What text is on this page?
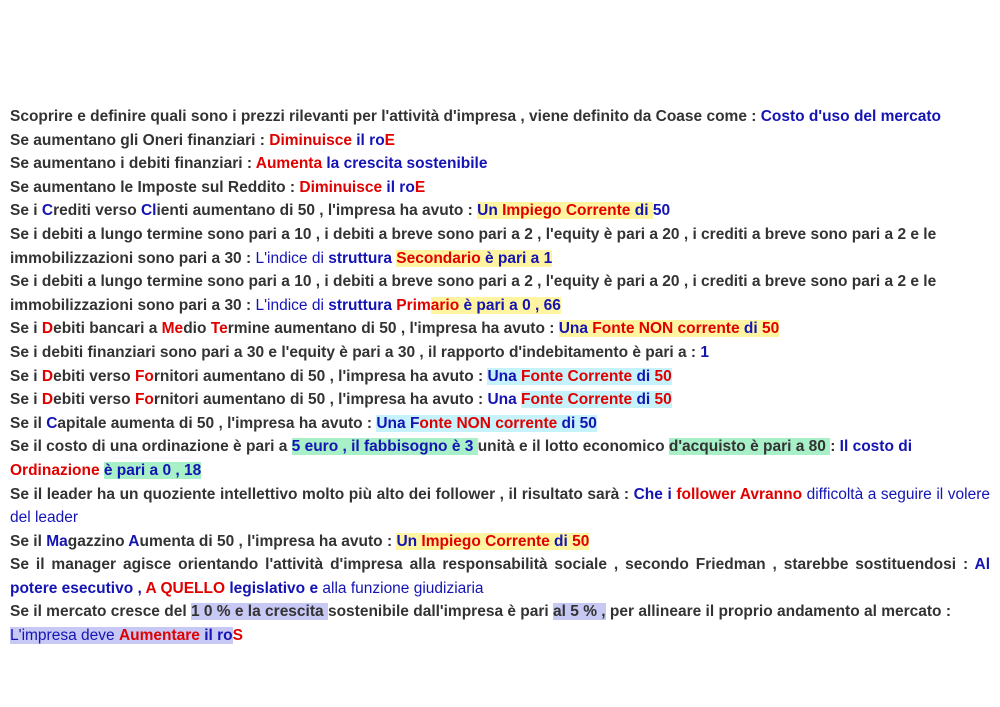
Scoprire e definire quali sono i prezzi rilevanti per l'attività d'impresa , viene definito da Coase come : Costo d'uso del mercato

Se aumentano gli Oneri finanziari : Diminuisce il roE

Se aumentano i debiti finanziari : Aumenta la crescita sostenibile

Se aumentano le Imposte sul Reddito : Diminuisce il roE

Se i Crediti verso Clienti aumentano di 50 , l'impresa ha avuto : Un Impiego Corrente di 50

Se i debiti a lungo termine sono pari a 10 , i debiti a breve sono pari a 2 , l'equity è pari a 20 , i crediti a breve sono pari a 2 e le immobilizzazioni sono pari a 30 : L'indice di struttura Secondario è pari a 1

Se i debiti a lungo termine sono pari a 10 , i debiti a breve sono pari a 2 , l'equity è pari a 20 , i crediti a breve sono pari a 2 e le immobilizzazioni sono pari a 30 : L'indice di struttura Primario è pari a 0 , 66

Se i Debiti bancari a Medio Termine aumentano di 50 , l'impresa ha avuto : Una Fonte NON corrente di 50

Se i debiti finanziari sono pari a 30 e l'equity è pari a 30 , il rapporto d'indebitamento è pari a : 1

Se i Debiti verso Fornitori aumentano di 50 , l'impresa ha avuto : Una Fonte Corrente di 50

Se i Debiti verso Fornitori aumentano di 50 , l'impresa ha avuto : Una Fonte Corrente di 50

Se il Capitale aumenta di 50 , l'impresa ha avuto : Una Fonte NON corrente di 50

Se il costo di una ordinazione è pari a 5 euro , il fabbisogno è 3 unità e il lotto economico d'acquisto è pari a 80 : Il costo di Ordinazione è pari a 0 , 18

Se il leader ha un quoziente intellettivo molto più alto dei follower , il risultato sarà : Che i follower Avranno difficoltà a seguire il volere del leader

Se il Magazzino Aumenta di 50 , l'impresa ha avuto : Un Impiego Corrente di 50

Se il manager agisce orientando l'attività d'impresa alla responsabilità sociale , secondo Friedman , starebbe sostituendosi : Al potere esecutivo , A QUELLO legislativo e alla funzione giudiziaria

Se il mercato cresce del 1 0 % e la crescita sostenibile dall'impresa è pari al 5 % , per allineare il proprio andamento al mercato : L'impresa deve Aumentare il roS
